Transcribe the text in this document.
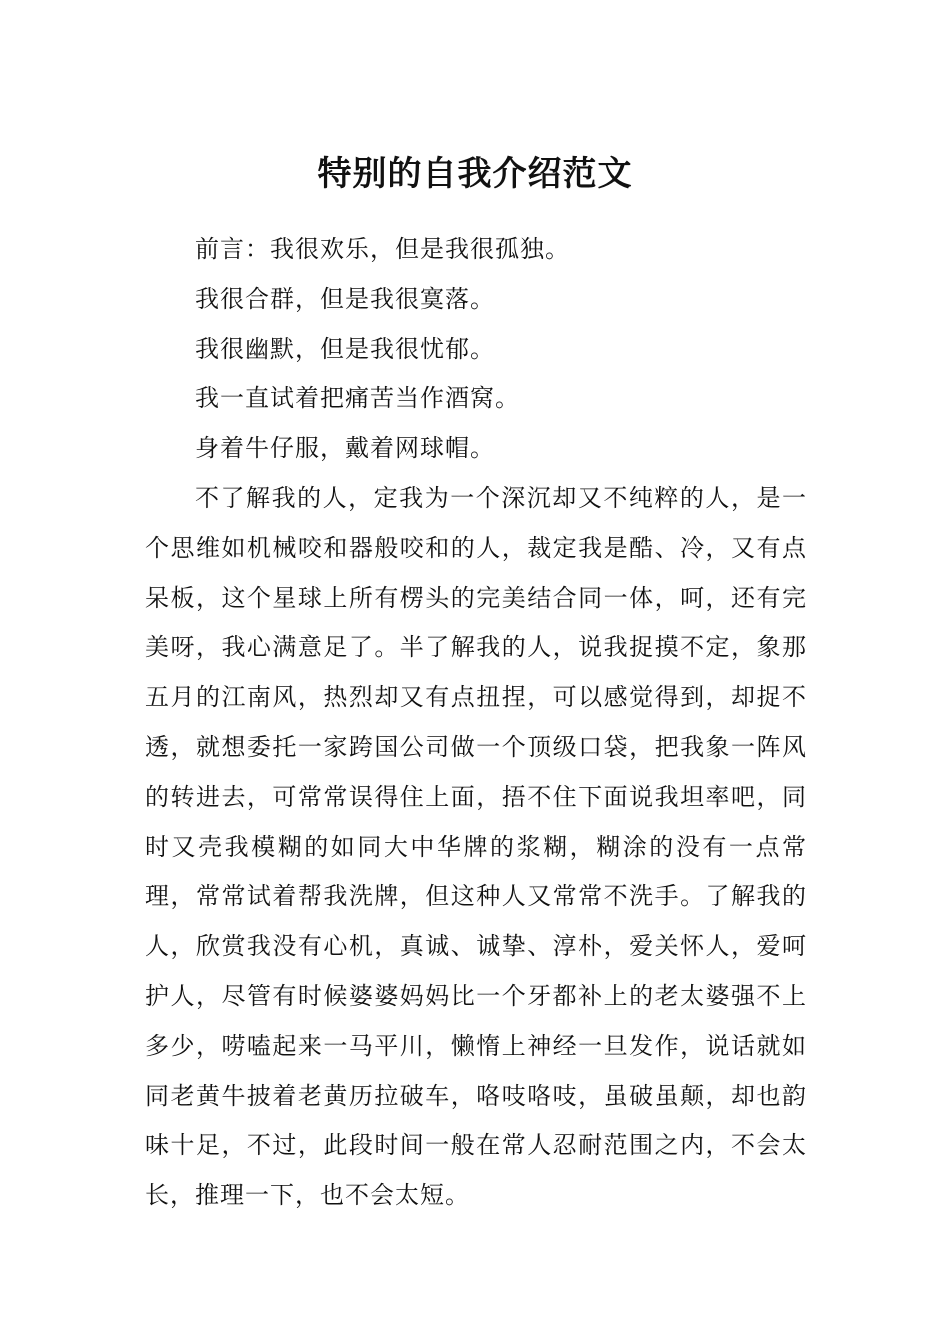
特别的自我介绍范文

前言：我很欢乐，但是我很孤独。

我很合群，但是我很寞落。

我很幽默，但是我很忧郁。

我一直试着把痛苦当作酒窝。

身着牛仔服，戴着网球帽。

不了解我的人，定我为一个深沉却又不纯粹的人，是一个思维如机械咬和器般咬和的人，裁定我是酷、冷，又有点呆板，这个星球上所有楞头的完美结合同一体，呵，还有完美呀，我心满意足了。半了解我的人，说我捉摸不定，象那五月的江南风，热烈却又有点扭捏，可以感觉得到，却捉不透，就想委托一家跨国公司做一个顶级口袋，把我象一阵风的转进去，可常常误得住上面，捂不住下面说我坦率吧，同时又壳我模糊的如同大中华牌的浆糊，糊涂的没有一点常理，常常试着帮我洗牌，但这种人又常常不洗手。了解我的人，欣赏我没有心机，真诚、诚挚、淳朴，爱关怀人，爱呵护人，尽管有时候婆婆妈妈比一个牙都补上的老太婆强不上多少，唠嗑起来一马平川，懒惰上神经一旦发作，说话就如同老黄牛披着老黄历拉破车，咯吱咯吱，虽破虽颠，却也韵味十足，不过，此段时间一般在常人忍耐范围之内，不会太长，推理一下，也不会太短。
